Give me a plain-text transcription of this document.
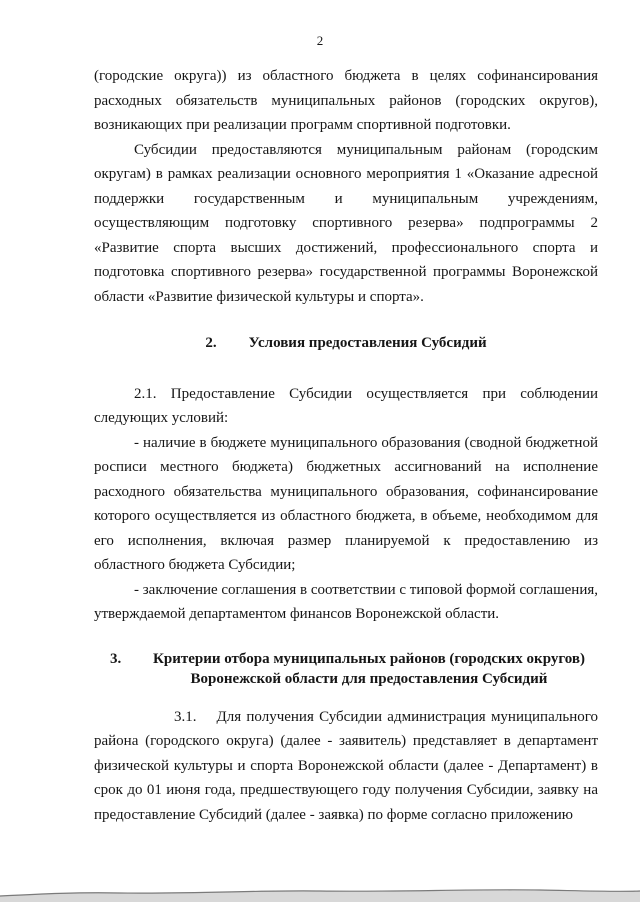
2

(городские округа)) из областного бюджета в целях софинансирования расходных обязательств муниципальных районов (городских округов), возникающих при реализации программ спортивной подготовки.

Субсидии предоставляются муниципальным районам (городским округам) в рамках реализации основного мероприятия 1 «Оказание адресной поддержки государственным и муниципальным учреждениям, осуществляющим подготовку спортивного резерва» подпрограммы 2 «Развитие спорта высших достижений, профессионального спорта и подготовка спортивного резерва» государственной программы Воронежской области «Развитие физической культуры и спорта».

2. Условия предоставления Субсидий

2.1. Предоставление Субсидии осуществляется при соблюдении следующих условий:

- наличие в бюджете муниципального образования (сводной бюджетной росписи местного бюджета) бюджетных ассигнований на исполнение расходного обязательства муниципального образования, софинансирование которого осуществляется из областного бюджета, в объеме, необходимом для его исполнения, включая размер планируемой к предоставлению из областного бюджета Субсидии;

- заключение соглашения в соответствии с типовой формой соглашения, утверждаемой департаментом финансов Воронежской области.

3.	Критерии отбора муниципальных районов (городских округов)
Воронежской области для предоставления Субсидий

3.1. Для получения Субсидии администрация муниципального района (городского округа) (далее - заявитель) представляет в департамент физической культуры и спорта Воронежской области (далее - Департамент) в срок до 01 июня года, предшествующего году получения Субсидии, заявку на предоставление Субсидий (далее - заявка) по форме согласно приложению
